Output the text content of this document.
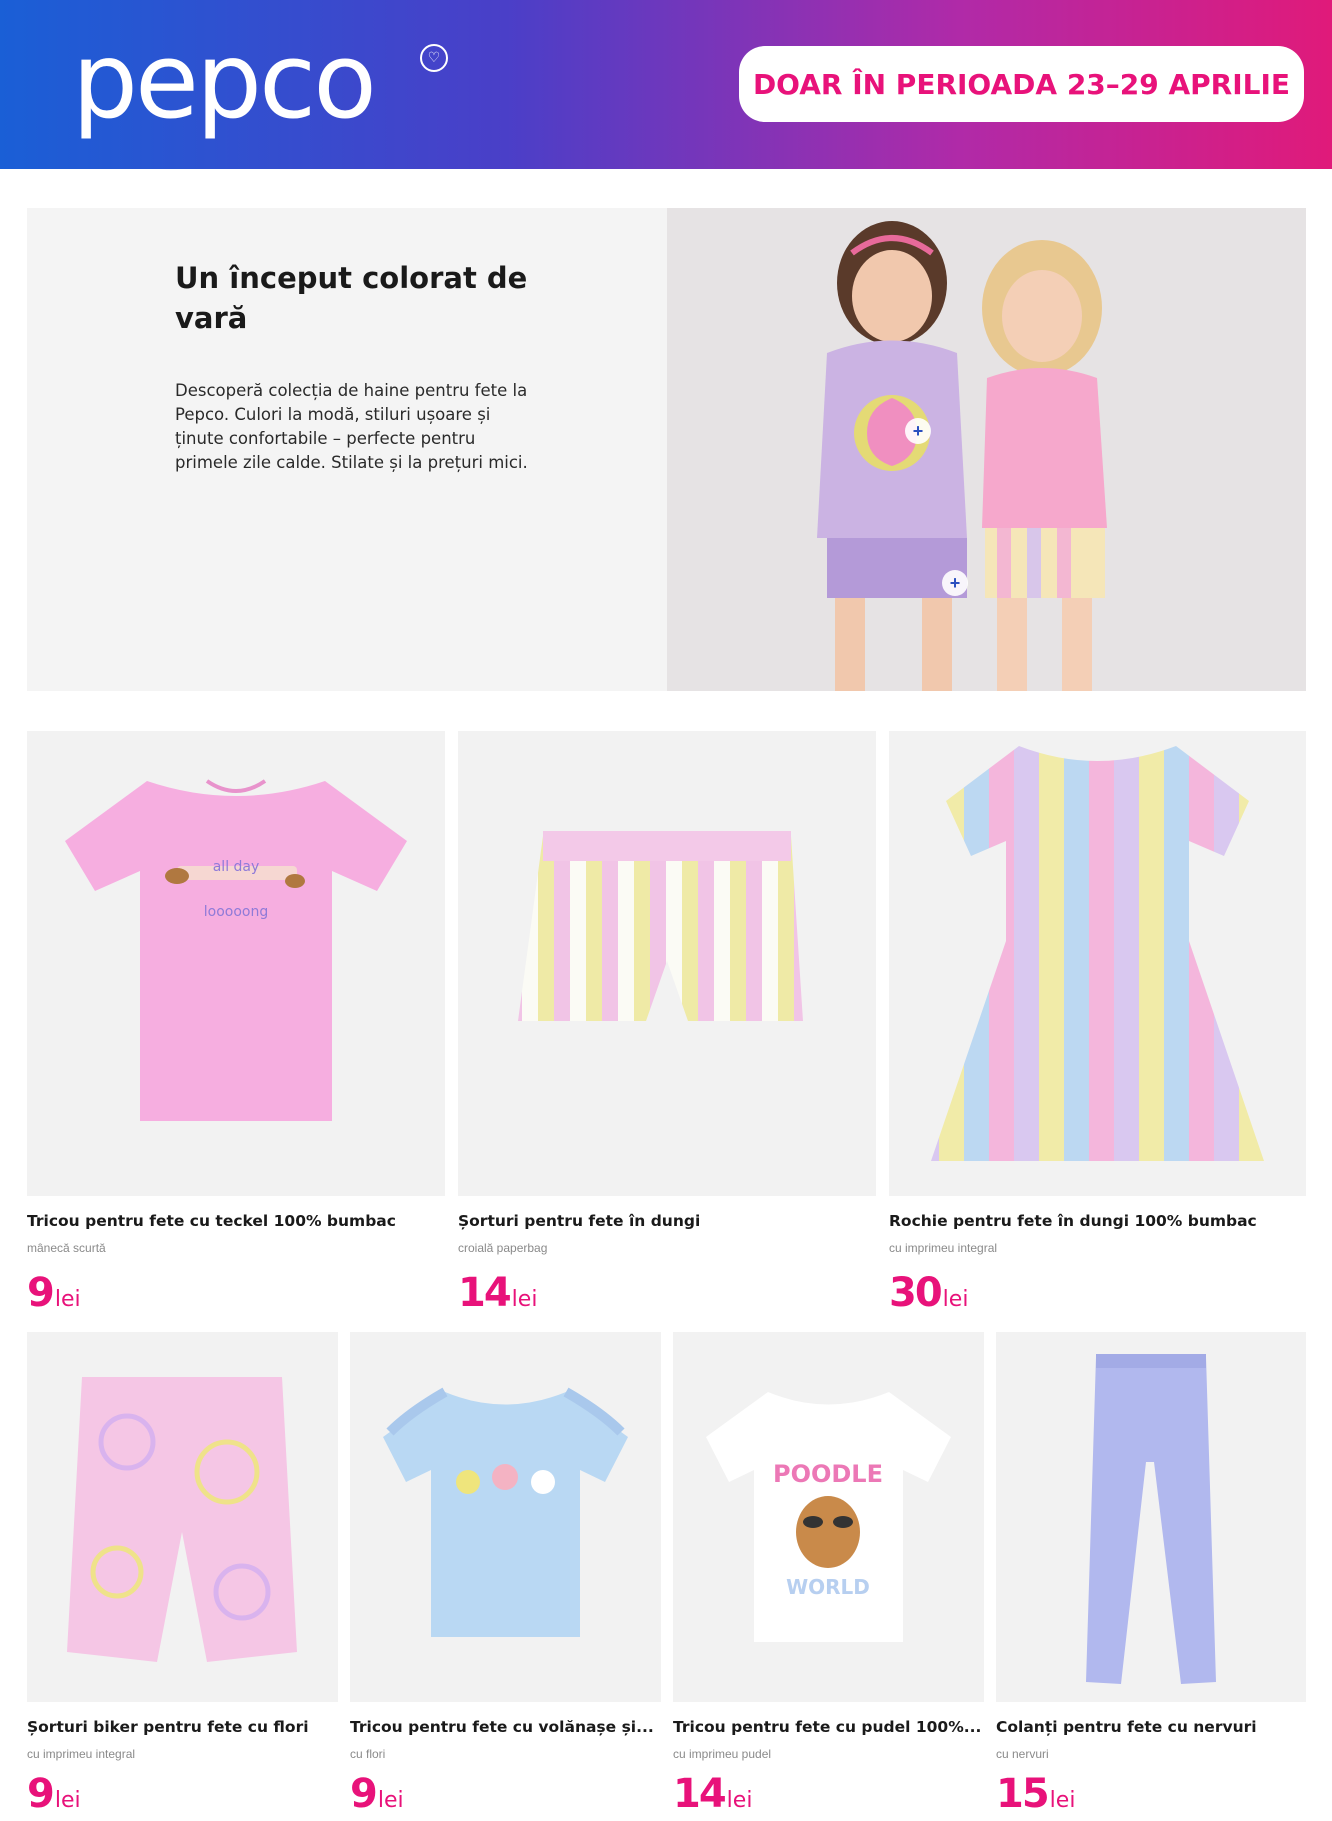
pepco	♡
DOAR ÎN PERIOADA 23–29 APRILIE
Un început colorat de vară
Descoperă colecția de haine pentru fete la Pepco. Culori la modă, stiluri ușoare și ținute confortabile – perfecte pentru primele zile calde. Stilate și la prețuri mici.
+
+
all day
looooong
Tricou pentru fete cu teckel 100% bumbac
mânecă scurtă
9lei
Șorturi pentru fete în dungi
croială paperbag
14lei
Rochie pentru fete în dungi 100% bumbac
cu imprimeu integral
30lei
Șorturi biker pentru fete cu flori
cu imprimeu integral
9lei
Tricou pentru fete cu volănașe și...
cu flori
9lei
POODLE
WORLD
Tricou pentru fete cu pudel 100%...
cu imprimeu pudel
14lei
Colanți pentru fete cu nervuri
cu nervuri
15lei
